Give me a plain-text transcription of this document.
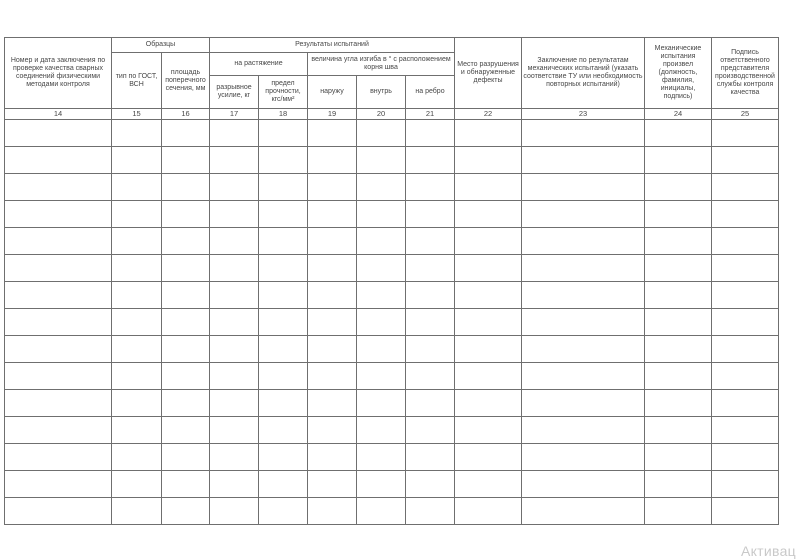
Номер и дата заключения по проверке качества сварных соединений физическими методами контроля	Образцы		Результаты испытаний					Место разрушения и обнаруженные дефекты	Заключение по результатам механических испытаний (указать соответствие ТУ или необходимость повторных испытаний)	Механические испытания произвел (должность, фамилия, инициалы, подпись)	Подпись ответственного представителя производственной службы контроля качества
	тип по ГОСТ, ВСН	площадь поперечного сечения, мм	на растяжение		величина угла изгиба в ° с расположением корня шва						
			разрывное усилие, кг	предел прочности, кгс/мм²	наружу	внутрь	на ребро				
14	15	16	17	18	19	20	21	22	23	24	25

Активац
